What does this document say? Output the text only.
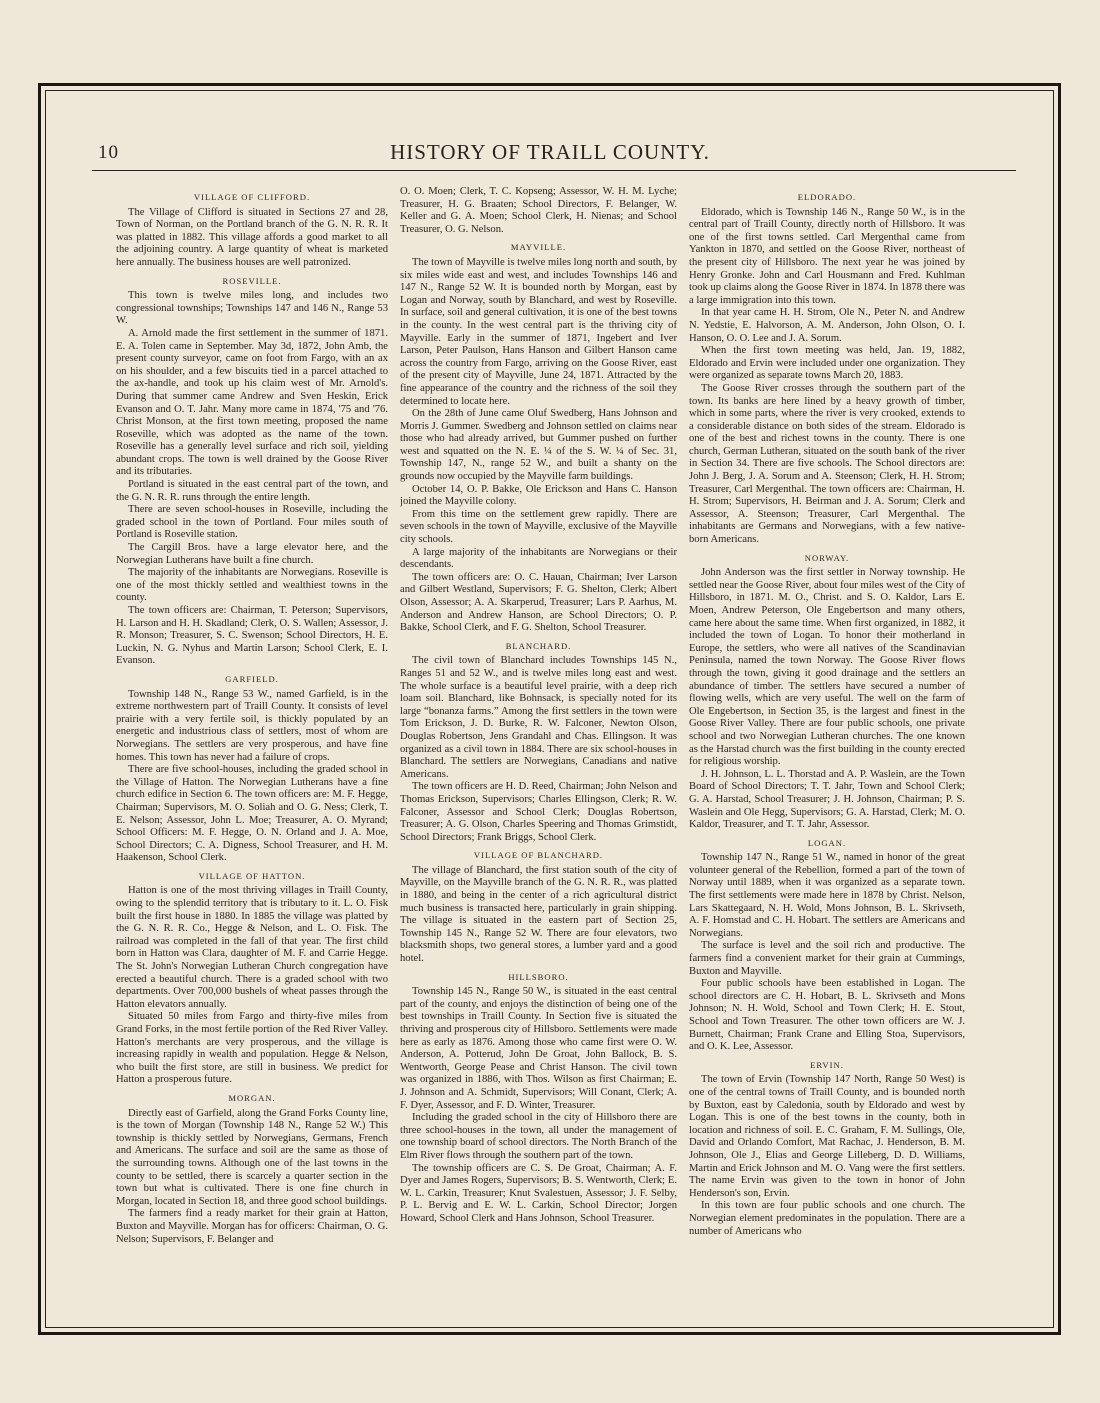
10	HISTORY OF TRAILL COUNTY.
VILLAGE OF CLIFFORD.

The Village of Clifford is situated in Sections 27 and 28, Town of Norman, on the Portland branch of the G. N. R. R. It was platted in 1882. This village affords a good market to all the adjoining country. A large quantity of wheat is marketed here annually. The business houses are well patronized.

ROSEVILLE.

This town is twelve miles long, and includes two congressional townships; Townships 147 and 146 N., Range 53 W.

A. Arnold made the first settlement in the summer of 1871. E. A. Tolen came in September. May 3d, 1872, John Amb, the present county surveyor, came on foot from Fargo, with an ax on his shoulder, and a few biscuits tied in a parcel attached to the ax-handle, and took up his claim west of Mr. Arnold's. During that summer came Andrew and Sven Heskin, Erick Evanson and O. T. Jahr. Many more came in 1874, '75 and '76. Christ Monson, at the first town meeting, proposed the name Roseville, which was adopted as the name of the town. Roseville has a generally level surface and rich soil, yielding abundant crops. The town is well drained by the Goose River and its tributaries.

Portland is situated in the east central part of the town, and the G. N. R. R. runs through the entire length.

There are seven school-houses in Roseville, including the graded school in the town of Portland. Four miles south of Portland is Roseville station.

The Cargill Bros. have a large elevator here, and the Norwegian Lutherans have built a fine church.

The majority of the inhabitants are Norwegians. Roseville is one of the most thickly settled and wealthiest towns in the county.

The town officers are: Chairman, T. Peterson; Supervisors, H. Larson and H. H. Skadland; Clerk, O. S. Wallen; Assessor, J. R. Monson; Treasurer, S. C. Swenson; School Directors, H. E. Luckin, N. G. Nyhus and Martin Larson; School Clerk, E. I. Evanson.

GARFIELD.

Township 148 N., Range 53 W., named Garfield, is in the extreme northwestern part of Traill County. It consists of level prairie with a very fertile soil, is thickly populated by an energetic and industrious class of settlers, most of whom are Norwegians. The settlers are very prosperous, and have fine homes. This town has never had a failure of crops.

There are five school-houses, including the graded school in the Village of Hatton. The Norwegian Lutherans have a fine church edifice in Section 6. The town officers are: M. F. Hegge, Chairman; Supervisors, M. O. Soliah and O. G. Ness; Clerk, T. E. Nelson; Assessor, John L. Moe; Treasurer, A. O. Myrand; School Officers: M. F. Hegge, O. N. Orland and J. A. Moe, School Directors; C. A. Digness, School Treasurer, and H. M. Haakenson, School Clerk.

VILLAGE OF HATTON.

Hatton is one of the most thriving villages in Traill County, owing to the splendid territory that is tributary to it. L. O. Fisk built the first house in 1880. In 1885 the village was platted by the G. N. R. R. Co., Hegge & Nelson, and L. O. Fisk. The railroad was completed in the fall of that year. The first child born in Hatton was Clara, daughter of M. F. and Carrie Hegge. The St. John's Norwegian Lutheran Church congregation have erected a beautiful church. There is a graded school with two departments. Over 700,000 bushels of wheat passes through the Hatton elevators annually.

Situated 50 miles from Fargo and thirty-five miles from Grand Forks, in the most fertile portion of the Red River Valley. Hatton's merchants are very prosperous, and the village is increasing rapidly in wealth and population. Hegge & Nelson, who built the first store, are still in business. We predict for Hatton a prosperous future.

MORGAN.

Directly east of Garfield, along the Grand Forks County line, is the town of Morgan (Township 148 N., Range 52 W.) This township is thickly settled by Norwegians, Germans, French and Americans. The surface and soil are the same as those of the surrounding towns. Although one of the last towns in the county to be settled, there is scarcely a quarter section in the town but what is cultivated. There is one fine church in Morgan, located in Section 18, and three good school buildings.

The farmers find a ready market for their grain at Hatton, Buxton and Mayville. Morgan has for officers: Chairman, O. G. Nelson; Supervisors, F. Belanger and

O. O. Moen; Clerk, T. C. Kopseng; Assessor, W. H. M. Lyche; Treasurer, H. G. Braaten; School Directors, F. Belanger, W. Keller and G. A. Moen; School Clerk, H. Nienas; and School Treasurer, O. G. Nelson.

MAYVILLE.

The town of Mayville is twelve miles long north and south, by six miles wide east and west, and includes Townships 146 and 147 N., Range 52 W. It is bounded north by Morgan, east by Logan and Norway, south by Blanchard, and west by Roseville. In surface, soil and general cultivation, it is one of the best towns in the county. In the west central part is the thriving city of Mayville. Early in the summer of 1871, Ingebert and Iver Larson, Peter Paulson, Hans Hanson and Gilbert Hanson came across the country from Fargo, arriving on the Goose River, east of the present city of Mayville, June 24, 1871. Attracted by the fine appearance of the country and the richness of the soil they determined to locate here.

On the 28th of June came Oluf Swedberg, Hans Johnson and Morris J. Gummer. Swedberg and Johnson settled on claims near those who had already arrived, but Gummer pushed on further west and squatted on the N. E. ¼ of the S. W. ¼ of Sec. 31, Township 147, N., range 52 W., and built a shanty on the grounds now occupied by the Mayville farm buildings.

October 14, O. P. Bakke, Ole Erickson and Hans C. Hanson joined the Mayville colony.

From this time on the settlement grew rapidly. There are seven schools in the town of Mayville, exclusive of the Mayville city schools.

A large majority of the inhabitants are Norwegians or their descendants.

The town officers are: O. C. Hauan, Chairman; Iver Larson and Gilbert Westland, Supervisors; F. G. Shelton, Clerk; Albert Olson, Assessor; A. A. Skarperud, Treasurer; Lars P. Aarhus, M. Anderson and Andrew Hanson, are School Directors; O. P. Bakke, School Clerk, and F. G. Shelton, School Treasurer.

BLANCHARD.

The civil town of Blanchard includes Townships 145 N., Ranges 51 and 52 W., and is twelve miles long east and west. The whole surface is a beautiful level prairie, with a deep rich loam soil. Blanchard, like Bohnsack, is specially noted for its large “bonanza farms.” Among the first settlers in the town were Tom Erickson, J. D. Burke, R. W. Falconer, Newton Olson, Douglas Robertson, Jens Grandahl and Chas. Ellingson. It was organized as a civil town in 1884. There are six school-houses in Blanchard. The settlers are Norwegians, Canadians and native Americans.

The town officers are H. D. Reed, Chairman; John Nelson and Thomas Erickson, Supervisors; Charles Ellingson, Clerk; R. W. Falconer, Assessor and School Clerk; Douglas Robertson, Treasurer; A. G. Olson, Charles Speering and Thomas Grimstidt, School Directors; Frank Briggs, School Clerk.

VILLAGE OF BLANCHARD.

The village of Blanchard, the first station south of the city of Mayville, on the Mayville branch of the G. N. R. R., was platted in 1880, and being in the center of a rich agricultural district much business is transacted here, particularly in grain shipping. The village is situated in the eastern part of Section 25, Township 145 N., Range 52 W. There are four elevators, two blacksmith shops, two general stores, a lumber yard and a good hotel.

HILLSBORO.

Township 145 N., Range 50 W., is situated in the east central part of the county, and enjoys the distinction of being one of the best townships in Traill County. In Section five is situated the thriving and prosperous city of Hillsboro. Settlements were made here as early as 1876. Among those who came first were O. W. Anderson, A. Potterud, John De Groat, John Ballock, B. S. Wentworth, George Pease and Christ Hanson. The civil town was organized in 1886, with Thos. Wilson as first Chairman; E. J. Johnson and A. Schmidt, Supervisors; Will Conant, Clerk; A. F. Dyer, Assessor, and F. D. Winter, Treasurer.

Including the graded school in the city of Hillsboro there are three school-houses in the town, all under the management of one township board of school directors. The North Branch of the Elm River flows through the southern part of the town.

The township officers are C. S. De Groat, Chairman; A. F. Dyer and James Rogers, Supervisors; B. S. Wentworth, Clerk; E. W. L. Carkin, Treasurer; Knut Svalestuen, Assessor; J. F. Selby, P. L. Bervig and E. W. L. Carkin, School Director; Jorgen Howard, School Clerk and Hans Johnson, School Treasurer.

ELDORADO.

Eldorado, which is Township 146 N., Range 50 W., is in the central part of Traill County, directly north of Hillsboro. It was one of the first towns settled. Carl Mergenthal came from Yankton in 1870, and settled on the Goose River, northeast of the present city of Hillsboro. The next year he was joined by Henry Gronke. John and Carl Housmann and Fred. Kuhlman took up claims along the Goose River in 1874. In 1878 there was a large immigration into this town.

In that year came H. H. Strom, Ole N., Peter N. and Andrew N. Yedstie, E. Halvorson, A. M. Anderson, John Olson, O. I. Hanson, O. O. Lee and J. A. Sorum.

When the first town meeting was held, Jan. 19, 1882, Eldorado and Ervin were included under one organization. They were organized as separate towns March 20, 1883.

The Goose River crosses through the southern part of the town. Its banks are here lined by a heavy growth of timber, which in some parts, where the river is very crooked, extends to a considerable distance on both sides of the stream. Eldorado is one of the best and richest towns in the county. There is one church, German Lutheran, situated on the south bank of the river in Section 34. There are five schools. The School directors are: John J. Berg, J. A. Sorum and A. Steenson; Clerk, H. H. Strom; Treasurer, Carl Mergenthal. The town officers are: Chairman, H. H. Strom; Supervisors, H. Beirman and J. A. Sorum; Clerk and Assessor, A. Steenson; Treasurer, Carl Mergenthal. The inhabitants are Germans and Norwegians, with a few native-born Americans.

NORWAY.

John Anderson was the first settler in Norway township. He settled near the Goose River, about four miles west of the City of Hillsboro, in 1871. M. O., Christ. and S. O. Kaldor, Lars E. Moen, Andrew Peterson, Ole Engebertson and many others, came here about the same time. When first organized, in 1882, it included the town of Logan. To honor their motherland in Europe, the settlers, who were all natives of the Scandinavian Peninsula, named the town Norway. The Goose River flows through the town, giving it good drainage and the settlers an abundance of timber. The settlers have secured a number of flowing wells, which are very useful. The well on the farm of Ole Engebertson, in Section 35, is the largest and finest in the Goose River Valley. There are four public schools, one private school and two Norwegian Lutheran churches. The one known as the Harstad church was the first building in the county erected for religious worship.

J. H. Johnson, L. L. Thorstad and A. P. Waslein, are the Town Board of School Directors; T. T. Jahr, Town and School Clerk; G. A. Harstad, School Treasurer; J. H. Johnson, Chairman; P. S. Waslein and Ole Hegg, Supervisors; G. A. Harstad, Clerk; M. O. Kaldor, Treasurer, and T. T. Jahr, Assessor.

LOGAN.

Township 147 N., Range 51 W., named in honor of the great volunteer general of the Rebellion, formed a part of the town of Norway until 1889, when it was organized as a separate town. The first settlements were made here in 1878 by Christ. Nelson, Lars Skattegaard, N. H. Wold, Mons Johnson, B. L. Skrivseth, A. F. Homstad and C. H. Hobart. The settlers are Americans and Norwegians.

The surface is level and the soil rich and productive. The farmers find a convenient market for their grain at Cummings, Buxton and Mayville.

Four public schools have been established in Logan. The school directors are C. H. Hobart, B. L. Skrivseth and Mons Johnson; N. H. Wold, School and Town Clerk; H. E. Stout, School and Town Treasurer. The other town officers are W. J. Burnett, Chairman; Frank Crane and Elling Stoa, Supervisors, and O. K. Lee, Assessor.

ERVIN.

The town of Ervin (Township 147 North, Range 50 West) is one of the central towns of Traill County, and is bounded north by Buxton, east by Caledonia, south by Eldorado and west by Logan. This is one of the best towns in the county, both in location and richness of soil. E. C. Graham, F. M. Sullings, Ole, David and Orlando Comfort, Mat Rachac, J. Henderson, B. M. Johnson, Ole J., Elias and George Lilleberg, D. D. Williams, Martin and Erick Johnson and M. O. Vang were the first settlers. The name Ervin was given to the town in honor of John Henderson's son, Ervin.

In this town are four public schools and one church. The Norwegian element predominates in the population. There are a number of Americans who
